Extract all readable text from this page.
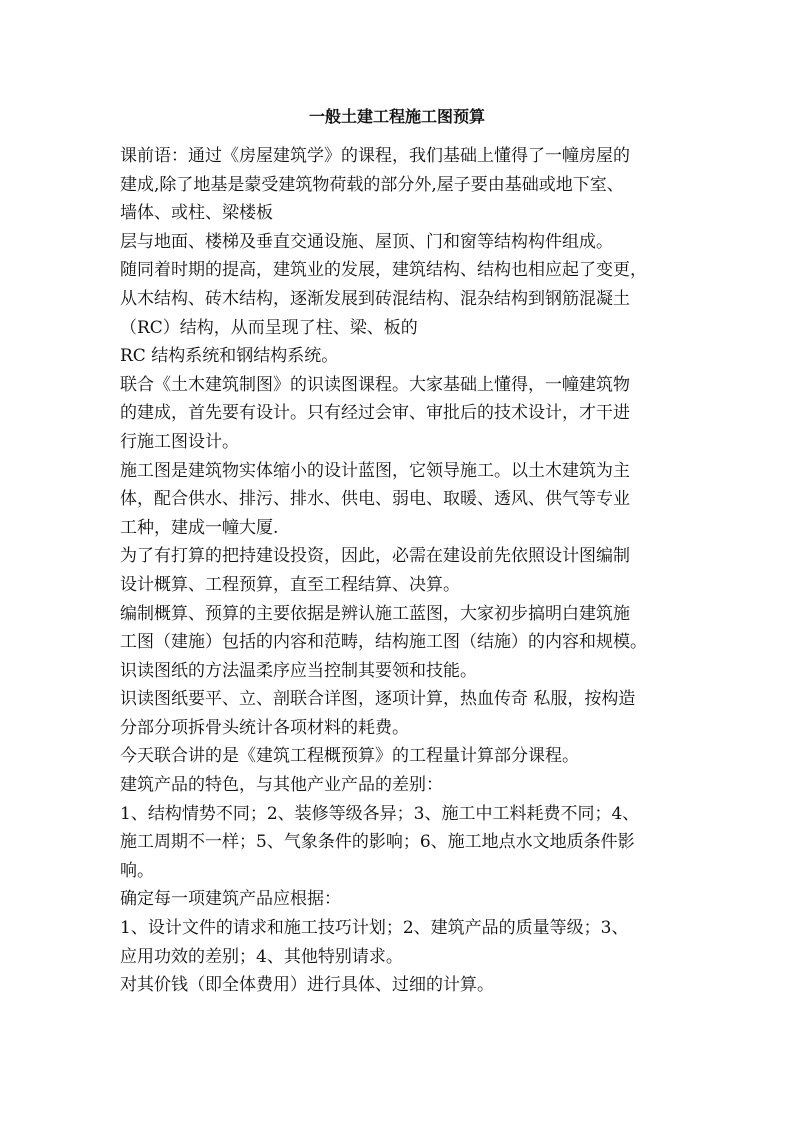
一般土建工程施工图预算
课前语：通过《房屋建筑学》的课程，我们基础上懂得了一幢房屋的
建成,除了地基是蒙受建筑物荷载的部分外,屋子要由基础或地下室、
墙体、或柱、梁楼板
层与地面、楼梯及垂直交通设施、屋顶、门和窗等结构构件组成。
随同着时期的提高，建筑业的发展，建筑结构、结构也相应起了变更，
从木结构、砖木结构，逐渐发展到砖混结构、混杂结构到钢筋混凝土
（RC）结构，从而呈现了柱、梁、板的
RC 结构系统和钢结构系统。
联合《土木建筑制图》的识读图课程。大家基础上懂得，一幢建筑物
的建成，首先要有设计。只有经过会审、审批后的技术设计，才干进
行施工图设计。
施工图是建筑物实体缩小的设计蓝图，它领导施工。以土木建筑为主
体，配合供水、排污、排水、供电、弱电、取暖、透风、供气等专业
工种，建成一幢大厦.
为了有打算的把持建设投资，因此，必需在建设前先依照设计图编制
设计概算、工程预算，直至工程结算、决算。
编制概算、预算的主要依据是辨认施工蓝图，大家初步搞明白建筑施
工图（建施）包括的内容和范畴，结构施工图（结施）的内容和规模。
识读图纸的方法温柔序应当控制其要领和技能。
识读图纸要平、立、剖联合详图，逐项计算，热血传奇 私服，按构造
分部分项拆骨头统计各项材料的耗费。
今天联合讲的是《建筑工程概预算》的工程量计算部分课程。
建筑产品的特色，与其他产业产品的差别：
1、结构情势不同；2、装修等级各异；3、施工中工料耗费不同；4、
施工周期不一样；5、气象条件的影响；6、施工地点水文地质条件影
响。
确定每一项建筑产品应根据：
1、设计文件的请求和施工技巧计划；2、建筑产品的质量等级；3、
应用功效的差别；4、其他特别请求。
对其价钱（即全体费用）进行具体、过细的计算。
